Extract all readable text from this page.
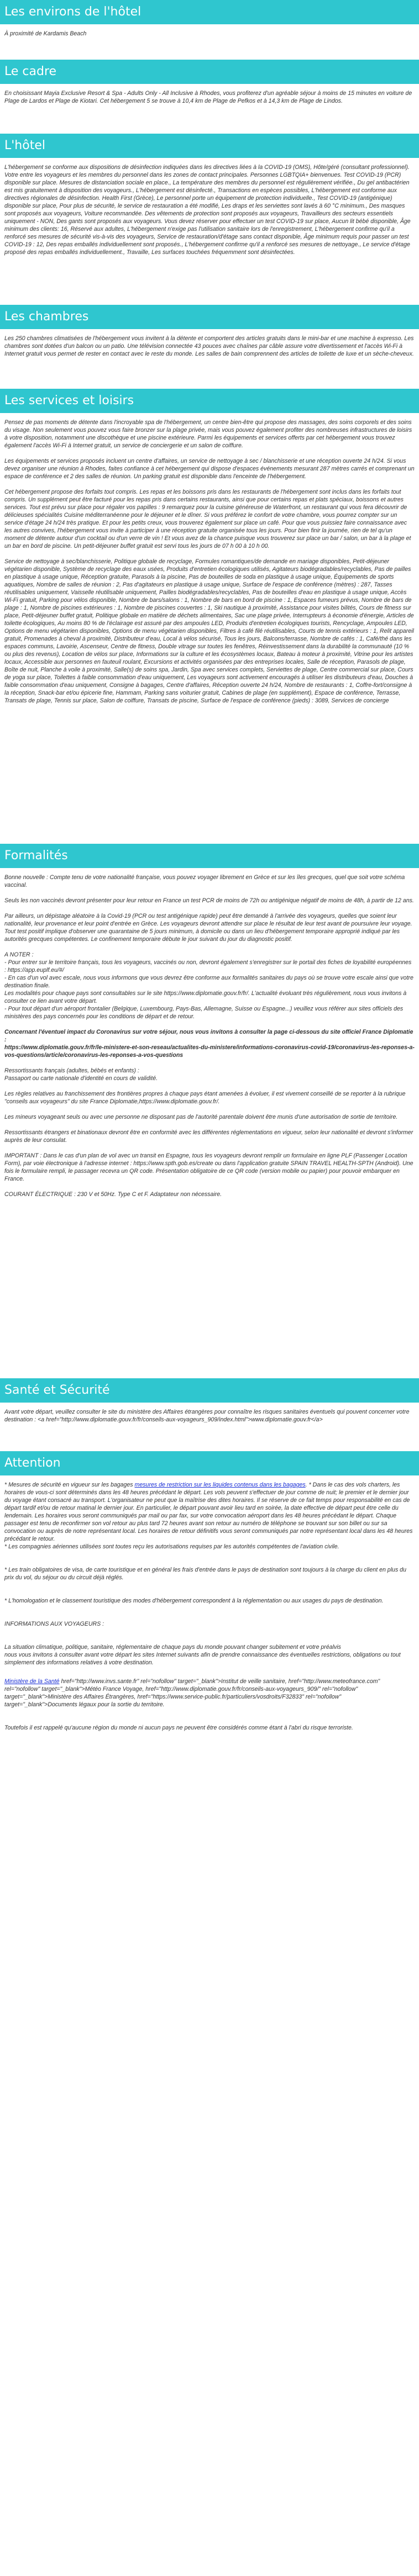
Les environs de l'hôtel

À proximité de Kardamis Beach

Le cadre

En choisissant Mayia Exclusive Resort & Spa - Adults Only - All Inclusive à Rhodes, vous profiterez d'un agréable séjour à moins de 15 minutes en voiture de Plage de Lardos et Plage de Kiotari. Cet hébergement 5 se trouve à 10,4 km de Plage de Pefkos et à 14,3 km de Plage de Lindos.

L'hôtel

L'hébergement se conforme aux dispositions de désinfection indiquées dans les directives liées à la COVID-19 (OMS), Hôte/géré (consultant professionnel). Votre entre les voyageurs et les membres du personnel dans les zones de contact principales. Personnes LGBTQIA+ bienvenues. Test COVID-19 (PCR) disponible sur place. Mesures de distanciation sociale en place., La température des membres du personnel est régulièrement vérifiée., Du gel antibactérien est mis gratuitement à disposition des voyageurs., L'hébergement est désinfecté., Transactions en espèces possibles, L'hébergement est conforme aux directives régionales de désinfection. Health First (Grèce), Le personnel porte un équipement de protection individuelle., Test COVID-19 (antigénique) disponible sur place, Pour plus de sécurité, le service de restauration a été modifié, Les draps et les serviettes sont lavés à 60 °C minimum., Des masques sont proposés aux voyageurs, Voiture recommandée. Des vêtements de protection sont proposés aux voyageurs, Travailleurs des secteurs essentiels uniquement - NON, Des gants sont proposés aux voyageurs. Vous devez réserver pour effectuer un test COVID-19 sur place, Aucun lit bébé disponible, Âge minimum des clients: 16, Réservé aux adultes, L'hébergement n'exige pas l'utilisation sanitaire lors de l'enregistrement, L'hébergement confirme qu'il a renforcé ses mesures de sécurité vis-à-vis des voyageurs, Service de restauration/d'étage sans contact disponible, Âge minimum requis pour passer un test COVID-19 : 12, Des repas emballés individuellement sont proposés., L'hébergement confirme qu'il a renforcé ses mesures de nettoyage., Le service d'étage proposé des repas emballés individuellement., Travaille, Les surfaces touchées fréquemment sont désinfectées.

Les chambres

Les 250 chambres climatisées de l'hébergement vous invitent à la détente et comportent des articles gratuits dans le mini-bar et une machine à expresso. Les chambres sont dotées d'un balcon ou un patio. Une télévision connectée 43 pouces avec chaînes par câble assure votre divertissement et l'accès Wi-Fi à Internet gratuit vous permet de rester en contact avec le reste du monde. Les salles de bain comprennent des articles de toilette de luxe et un sèche-cheveux.

Les services et loisirs

Pensez de pas moments de détente dans l'incroyable spa de l'hébergement, un centre bien-être qui propose des massages, des soins corporels et des soins du visage. Non seulement vous pouvez vous faire bronzer sur la plage privée, mais vous pouvez également profiter des nombreuses infrastructures de loisirs à votre disposition, notamment une discothèque et une piscine extérieure. Parmi les équipements et services offerts par cet hébergement vous trouvez également l'accès Wi-Fi à Internet gratuit, un service de conciergerie et un salon de coiffure.

Les équipements et services proposés incluent un centre d'affaires, un service de nettoyage à sec / blanchisserie et une réception ouverte 24 h/24. Si vous devez organiser une réunion à Rhodes, faites confiance à cet hébergement qui dispose d'espaces événements mesurant 287 mètres carrés et comprenant un espace de conférence et 2 des salles de réunion. Un parking gratuit est disponible dans l'enceinte de l'hébergement.

Cet hébergement propose des forfaits tout compris. Les repas et les boissons pris dans les restaurants de l'hébergement sont inclus dans les forfaits tout compris. Un supplément peut être facturé pour les repas pris dans certains restaurants, ainsi que pour certains repas et plats spéciaux, boissons et autres services. Tout est prévu sur place pour régaler vos papilles : 9 remarquez pour la cuisine généreuse de Waterfront, un restaurant qui vous fera découvrir de délicieuses spécialités Cuisine méditerranéenne pour le déjeuner et le dîner. Si vous préférez le confort de votre chambre, vous pourrez compter sur un service d'étage 24 h/24 très pratique. Et pour les petits creux, vous trouverez également sur place un café. Pour que vous puissiez faire connaissance avec les autres convives, l'hébergement vous invite à participer à une réception gratuite organisée tous les jours. Pour bien finir la journée, rien de tel qu'un moment de détente autour d'un cocktail ou d'un verre de vin ! Et vous avez de la chance puisque vous trouverez sur place un bar / salon, un bar à la plage et un bar en bord de piscine. Un petit-déjeuner buffet gratuit est servi tous les jours de 07 h 00 à 10 h 00.

Service de nettoyage à sec/blanchisserie, Politique globale de recyclage, Formules romantiques/de demande en mariage disponibles, Petit-déjeuner végétarien disponible, Système de recyclage des eaux usées, Produits d'entretien écologiques utilisés, Agitateurs biodégradables/recyclables, Pas de pailles en plastique à usage unique, Réception gratuite, Parasols à la piscine, Pas de bouteilles de soda en plastique à usage unique, Équipements de sports aquatiques, Nombre de salles de réunion : 2, Pas d'agitateurs en plastique à usage unique, Surface de l'espace de conférence (mètres) : 287, Tasses réutilisables uniquement, Vaisselle réutilisable uniquement, Pailles biodégradables/recyclables, Pas de bouteilles d'eau en plastique à usage unique, Accès Wi-Fi gratuit, Parking pour vélos disponible, Nombre de bars/salons : 1, Nombre de bars en bord de piscine : 1, Espaces fumeurs prévus, Nombre de bars de plage : 1, Nombre de piscines extérieures : 1, Nombre de piscines couvertes : 1, Ski nautique à proximité, Assistance pour visites bilités, Cours de fitness sur place, Petit-déjeuner buffet gratuit, Politique globale en matière de déchets alimentaires, Sac une plage privée, Interrupteurs à économie d'énergie, Articles de toilette écologiques, Au moins 80 % de l'éclairage est assuré par des ampoules LED, Produits d'entretien écologiques tourists, Rencyclage, Ampoules LED, Options de menu végétarien disponibles, Options de menu végétarien disponibles, Filtres à café filé réutilisables, Courts de tennis extérieurs : 1, Relit appareil gratuit, Promenades à cheval à proximité, Distributeur d'eau, Local à vélos sécurisé, Tous les jours, Balcons/terrasse, Nombre de cafés : 1, Café/thé dans les espaces communs, Lavoirie, Ascenseur, Centre de fitness, Double vitrage sur toutes les fenêtres, Réinvestissement dans la durabilité la communauté (10 % ou plus des revenus), Location de vélos sur place, Informations sur la culture et les écosystèmes locaux, Bateau à moteur à proximité, Vitrine pour les artistes locaux, Accessible aux personnes en fauteuil roulant, Excursions et activités organisées par des entreprises locales, Salle de réception, Parasols de plage, Boîte de nuit, Planche à voile à proximité, Salle(s) de soins spa, Jardin, Spa avec services complets, Serviettes de plage, Centre commercial sur place, Cours de yoga sur place, Toilettes à faible consommation d'eau uniquement, Les voyageurs sont activement encouragés à utiliser les distributeurs d'eau, Douches à faible consommation d'eau uniquement, Consigne à bagages, Centre d'affaires, Réception ouverte 24 h/24, Nombre de restaurants : 1, Coffre-fort/consigne à la réception, Snack-bar et/ou épicerie fine, Hammam, Parking sans voiturier gratuit, Cabines de plage (en supplément), Espace de conférence, Terrasse, Transats de plage, Tennis sur place, Salon de coiffure, Transats de piscine, Surface de l'espace de conférence (pieds) : 3089, Services de concierge

Formalités

Bonne nouvelle : Compte tenu de votre nationalité française, vous pouvez voyager librement en Grèce et sur les îles grecques, quel que soit votre schéma vaccinal.

Seuls les non vaccinés devront présenter pour leur retour en France un test PCR de moins de 72h ou antigénique négatif de moins de 48h, à partir de 12 ans.

Par ailleurs, un dépistage aléatoire à la Covid-19 (PCR ou test antigénique rapide) peut être demandé à l'arrivée des voyageurs, quelles que soient leur nationalité, leur provenance et leur point d'entrée en Grèce. Les voyageurs devront attendre sur place le résultat de leur test avant de poursuivre leur voyage. Tout test positif implique d'observer une quarantaine de 5 jours minimum, à domicile ou dans un lieu d'hébergement temporaire approprié indiqué par les autorités grecques compétentes. Le confinement temporaire débute le jour suivant du jour du diagnostic positif.

A NOTER :
- Pour entrer sur le territoire français, tous les voyageurs, vaccinés ou non, devront également s'enregistrer sur le portail des fiches de loyabilité européennes : https://app.euplf.eu/#/
- En cas d'un vol avec escale, nous vous informons que vous devrez être conforme aux formalités sanitaires du pays où se trouve votre escale ainsi que votre destination finale.
Les modalités pour chaque pays sont consultables sur le site https://www.diplomatie.gouv.fr/fr/. L'actualité évoluant très régulièrement, nous vous invitons à consulter ce lien avant votre départ.
- Pour tout départ d'un aéroport frontalier (Belgique, Luxembourg, Pays-Bas, Allemagne, Suisse ou Espagne...) veuillez vous référer aux sites officiels des ministères des pays concernés pour les conditions de départ et de retour.

Concernant l'éventuel impact du Coronavirus sur votre séjour, nous vous invitons à consulter la page ci-dessous du site officiel France Diplomatie :
https://www.diplomatie.gouv.fr/fr/le-ministere-et-son-reseau/actualites-du-ministere/informations-coronavirus-covid-19/coronavirus-les-reponses-a-vos-questions/article/coronavirus-les-reponses-a-vos-questions

Ressortissants français (adultes, bébés et enfants) :
Passaport ou carte nationale d'identité en cours de validité.

Les règles relatives au franchissement des frontières propres à chaque pays étant amenées à évoluer, il est vivement conseillé de se reporter à la rubrique "conseils aux voyageurs" du site France Diplomatie,https://www.diplomatie.gouv.fr/.

Les mineurs voyageant seuls ou avec une personne ne disposant pas de l'autorité parentale doivent être munis d'une autorisation de sortie de territoire.

Ressortissants étrangers et binationaux devront être en conformité avec les différentes réglementations en vigueur, selon leur nationalité et devront s'informer auprès de leur consulat.

IMPORTANT : Dans le cas d'un plan de vol avec un transit en Espagne, tous les voyageurs devront remplir un formulaire en ligne PLF (Passenger Location Form), par voie électronique à l'adresse internet : https://www.spth.gob.es/create ou dans l'application gratuite SPAIN TRAVEL HEALTH-SPTH (Android). Une fois le formulaire rempli, le passager recevra un QR code. Présentation obligatoire de ce QR code (version mobile ou papier) pour pouvoir embarquer en France.

COURANT ÉLECTRIQUE : 230 V et 50Hz. Type C et F. Adaptateur non nécessaire.

Santé et Sécurité

Avant votre départ, veuillez consulter le site du ministère des Affaires étrangères pour connaître les risques sanitaires éventuels qui pouvent concerner votre destination : <a href="http://www.diplomatie.gouv.fr/fr/conseils-aux-voyageurs_909/index.html">www.diplomatie.gouv.fr</a>

Attention

* Mesures de sécurité en vigueur sur les bagages mesures de restriction sur les liquides contenus dans les bagages. * Dans le cas des vols charters, les horaires de vous-ci sont déterminés dans les 48 heures précédant le départ. Les vols peuvent s'effectuer de jour comme de nuit; le premier et le dernier jour du voyage étant consacré au transport. L'organisateur ne peut que la maîtrise des dites horaires. Il se réserve de ce fait temps pour responsabilité en cas de départ tardif et/ou de retour matinal le dernier jour. En particulier, le départ pouvant avoir lieu tard en soirée, la date effective de départ peut être celle du lendemain. Les horaires vous seront communiqués par mail ou par fax, sur votre convocation aéroport dans les 48 heures précédant le départ. Chaque passager est tenu de reconfirmer son vol retour au plus tard 72 heures avant son retour au numéro de téléphone se trouvant sur son billet ou sur sa convocation ou auprès de notre représentant local. Les horaires de retour définitifs vous seront communiqués par notre représentant local dans les 48 heures précédant le retour.
* Les compagnies aériennes utilisées sont toutes reçu les autorisations requises par les autorités compétentes de l'aviation civile.

* Les train obligatoires de visa, de carte touristique et en général les frais d'entrée dans le pays de destination sont toujours à la charge du client en plus du prix du vol, du séjour ou du circuit déjà réglés.

* L'homologation et le classement touristique des modes d'hébergement correspondent à la réglementation ou aux usages du pays de destination.

INFORMATIONS AUX VOYAGEURS :

La situation climatique, politique, sanitaire, réglementaire de chaque pays du monde pouvant changer subitement et votre préalvis
nous vous invitons à consulter avant votre départ les sites Internet suivants afin de prendre connaissance des éventuelles restrictions, obligations ou tout simplement des informations relatives à votre destination.

Ministère de la Santé href="http://www.invs.sante.fr" rel="nofollow" target="_blank">Institut de veille sanitaire, href="http://www.meteofrance.com" rel="nofollow" target="_blank">Météo France Voyage, href="http://www.diplomatie.gouv.fr/fr/conseils-aux-voyageurs_909/" rel="nofollow" target="_blank">Ministère des Affaires Étrangères, href="https://www.service-public.fr/particuliers/vosdroits/F32833" rel="nofollow" target="_blank">Documents légaux pour la sortie du territoire.

Toutefois il est rappelé qu'aucune région du monde ni aucun pays ne peuvent être considérés comme étant à l'abri du risque terroriste.
